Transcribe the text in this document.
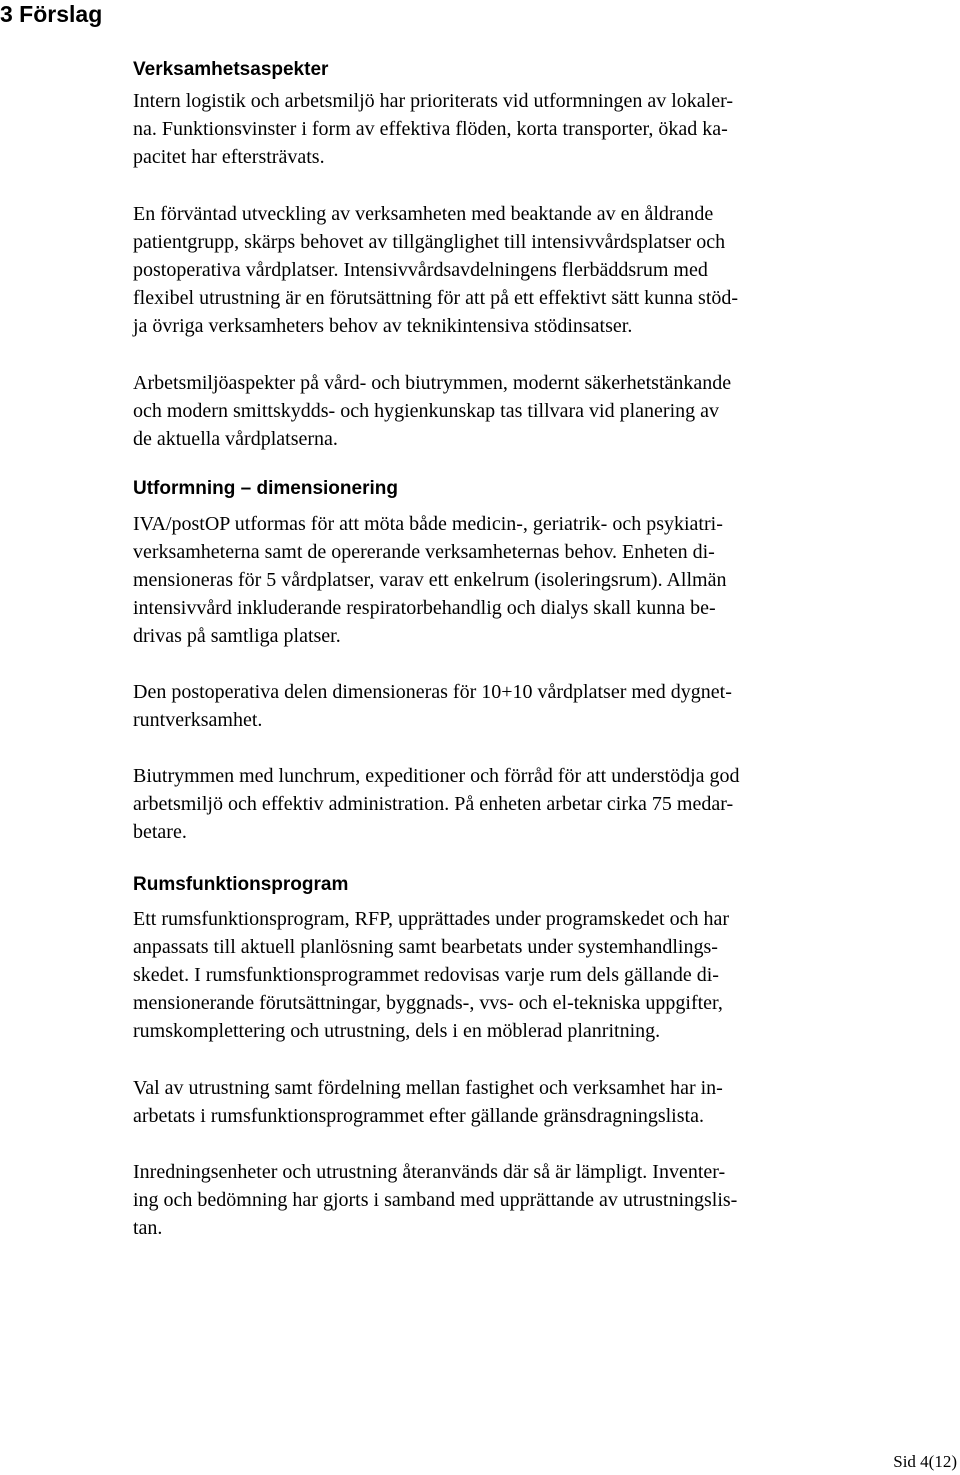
3 Förslag
Verksamhetsaspekter

Intern logistik och arbetsmiljö har prioriterats vid utformningen av lokaler-
na. Funktionsvinster i form av effektiva flöden, korta transporter, ökad ka-
pacitet har eftersträvats.

En förväntad utveckling av verksamheten med beaktande av en åldrande
patientgrupp, skärps behovet av tillgänglighet till intensivvårdsplatser och
postoperativa vårdplatser. Intensivvårdsavdelningens flerbäddsrum med
flexibel utrustning är en förutsättning för att på ett effektivt sätt kunna stöd-
ja övriga verksamheters behov av teknikintensiva stödinsatser.

Arbetsmiljöaspekter på vård- och biutrymmen, modernt säkerhetstänkande
och modern smittskydds- och hygienkunskap tas tillvara vid planering av
de aktuella vårdplatserna.

Utformning – dimensionering

IVA/postOP utformas för att möta både medicin-, geriatrik- och psykiatri-
verksamheterna samt de opererande verksamheternas behov. Enheten di-
mensioneras för 5 vårdplatser, varav ett enkelrum (isoleringsrum). Allmän
intensivvård inkluderande respiratorbehandlig och dialys skall kunna be-
drivas på samtliga platser.

Den postoperativa delen dimensioneras för 10+10 vårdplatser med dygnet-
runtverksamhet.

Biutrymmen med lunchrum, expeditioner och förråd för att understödja god
arbetsmiljö och effektiv administration. På enheten arbetar cirka 75 medar-
betare.

Rumsfunktionsprogram

Ett rumsfunktionsprogram, RFP, upprättades under programskedet och har
anpassats till aktuell planlösning samt bearbetats under systemhandlings-
skedet. I rumsfunktionsprogrammet redovisas varje rum dels gällande di-
mensionerande förutsättningar, byggnads-, vvs- och el-tekniska uppgifter,
rumskomplettering och utrustning, dels i en möblerad planritning.

Val av utrustning samt fördelning mellan fastighet och verksamhet har in-
arbetats i rumsfunktionsprogrammet efter gällande gränsdragningslista.

Inredningsenheter och utrustning återanvänds där så är lämpligt. Inventer-
ing och bedömning har gjorts i samband med upprättande av utrustningslis-
tan.

Sid 4(12)
